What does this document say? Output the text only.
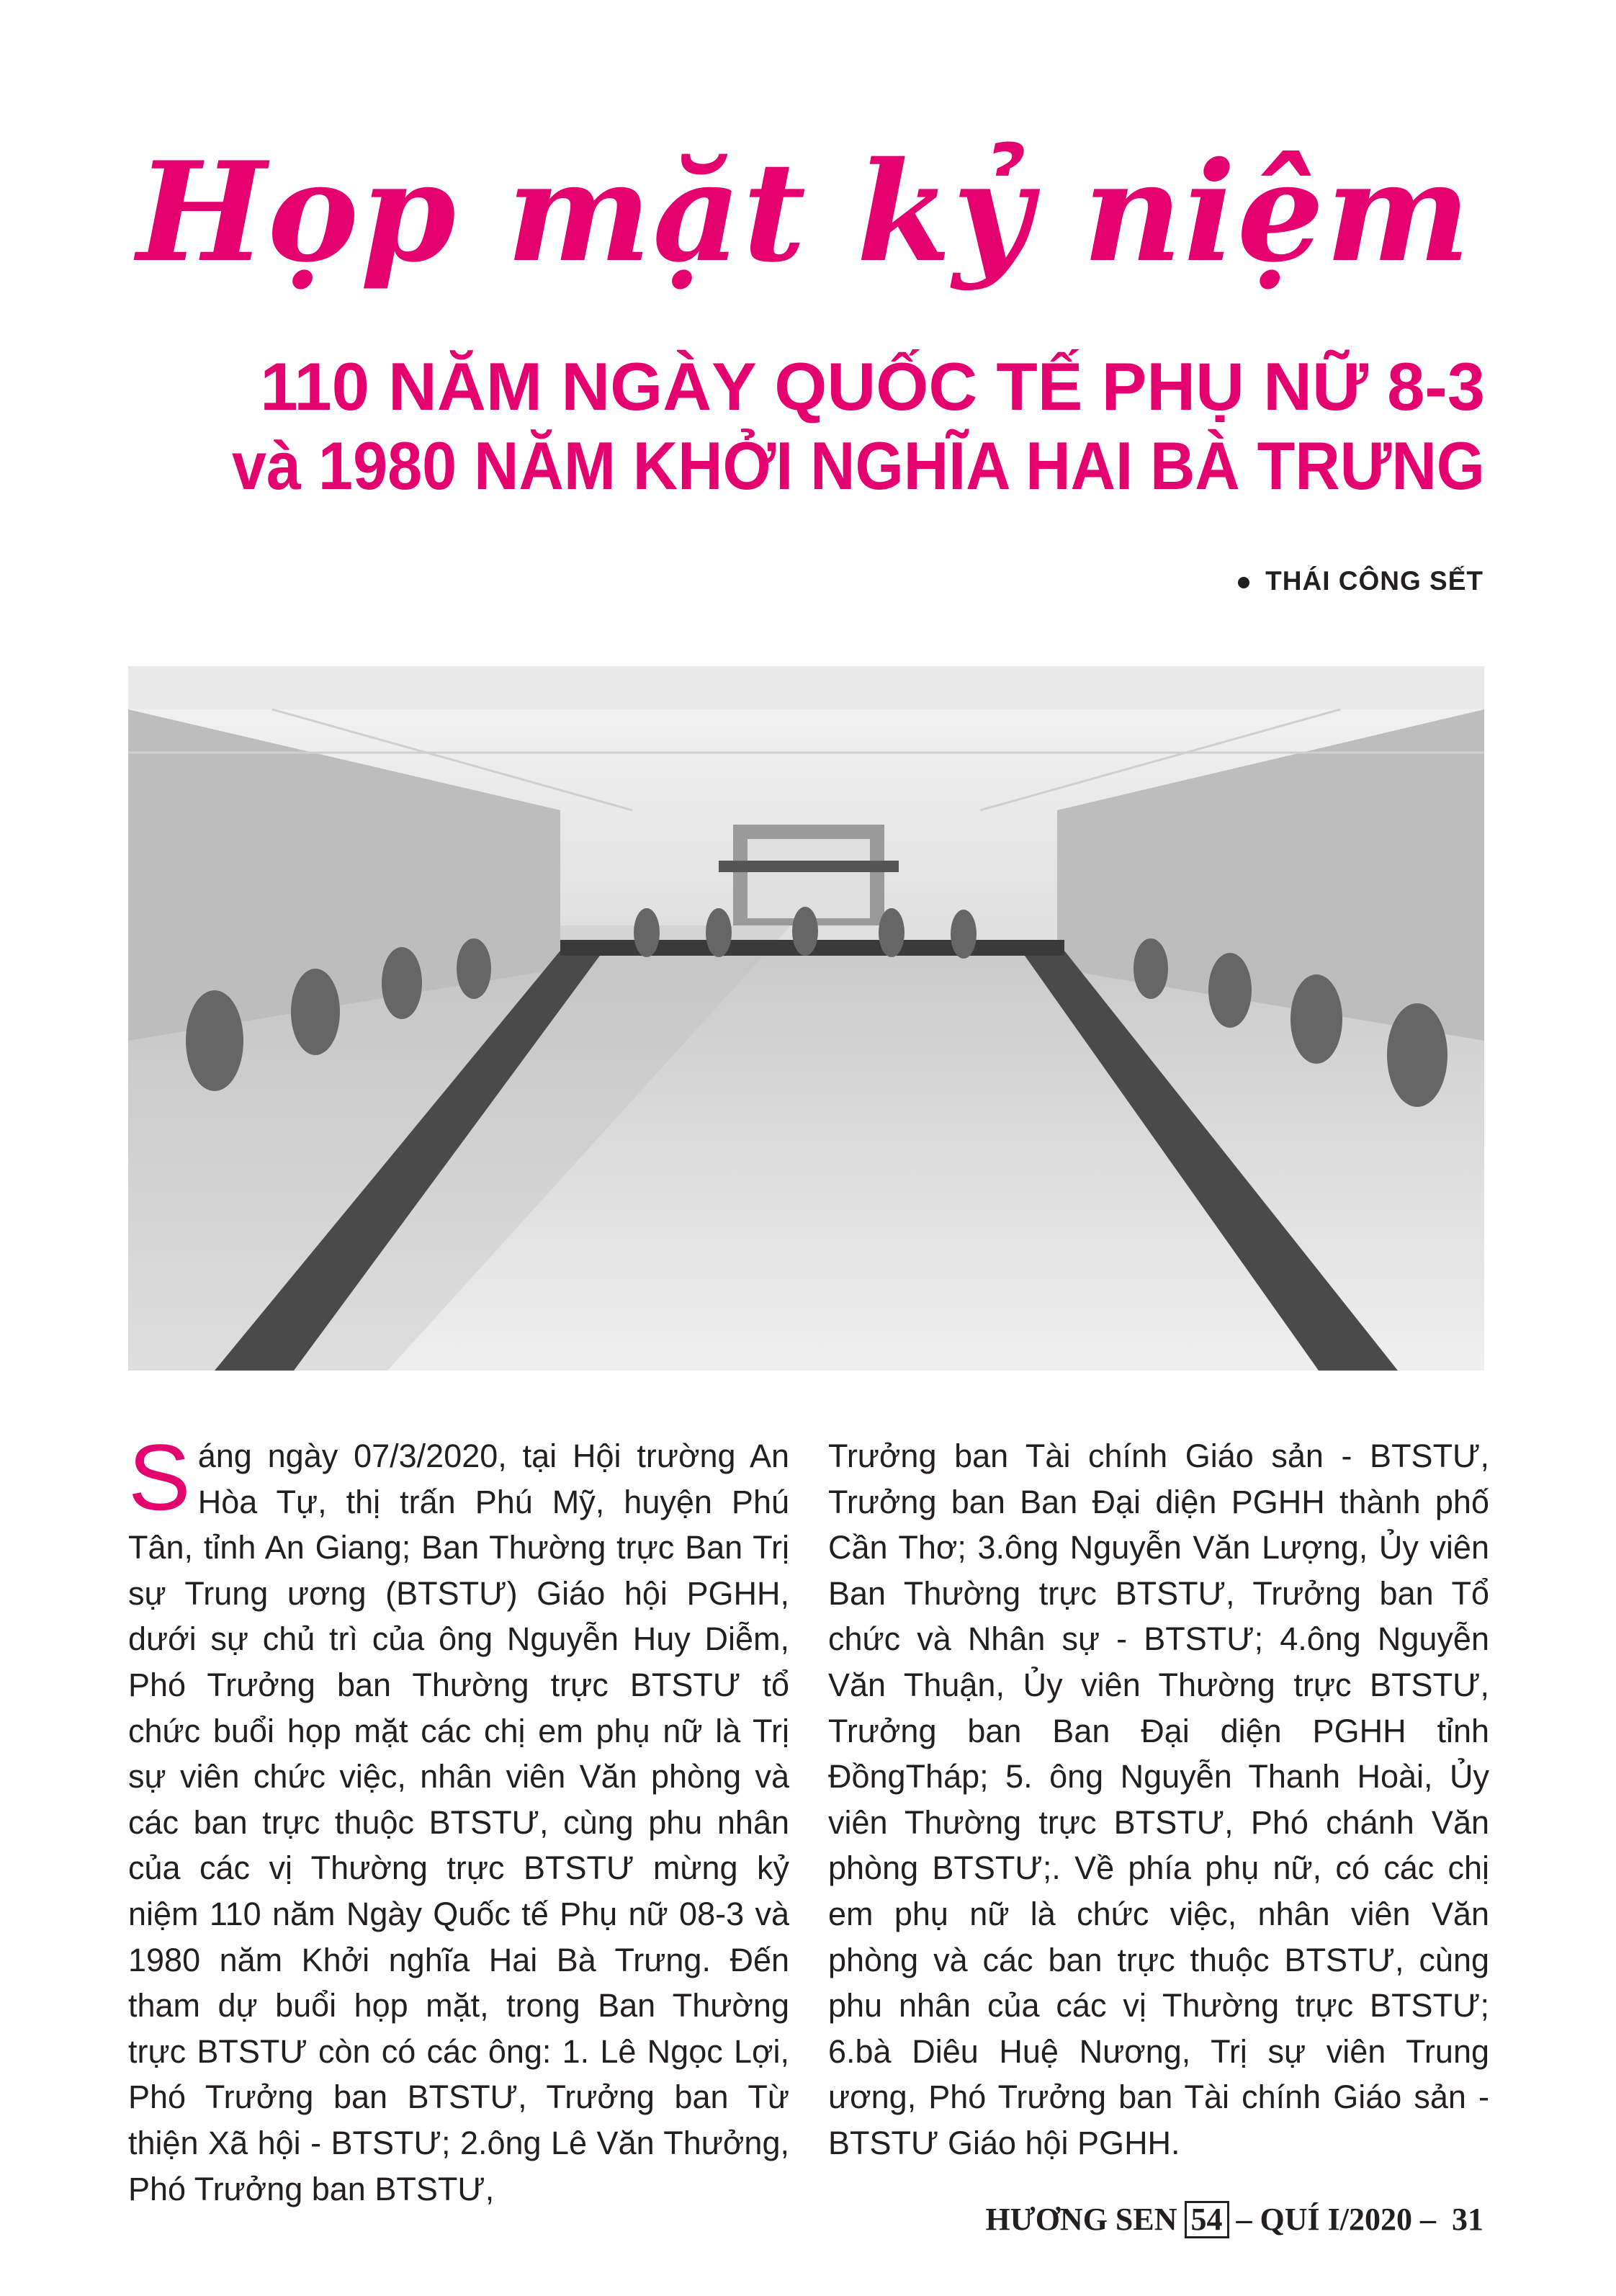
Họp mặt kỷ niệm
110 NĂM NGÀY QUỐC TẾ PHỤ NỮ 8-3
và 1980 NĂM KHỞI NGHĨA HAI BÀ TRƯNG
THÁI CÔNG SẾT
Sáng ngày 07/3/2020, tại Hội trường An Hòa Tự, thị trấn Phú Mỹ, huyện Phú Tân, tỉnh An Giang; Ban Thường trực Ban Trị sự Trung ương (BTSTƯ) Giáo hội PGHH, dưới sự chủ trì của ông Nguyễn Huy Diễm, Phó Trưởng ban Thường trực BTSTƯ tổ chức buổi họp mặt các chị em phụ nữ là Trị sự viên chức việc, nhân viên Văn phòng và các ban trực thuộc BTSTƯ, cùng phu nhân của các vị Thường trực BTSTƯ mừng kỷ niệm 110 năm Ngày Quốc tế Phụ nữ 08-3 và 1980 năm Khởi nghĩa Hai Bà Trưng. Đến tham dự buổi họp mặt, trong Ban Thường trực BTSTƯ còn có các ông: 1. Lê Ngọc Lợi, Phó Trưởng ban BTSTƯ, Trưởng ban Từ thiện Xã hội - BTSTƯ; 2.ông Lê Văn Thưởng, Phó Trưởng ban BTSTƯ,
Trưởng ban Tài chính Giáo sản - BTSTƯ, Trưởng ban Ban Đại diện PGHH thành phố Cần Thơ; 3.ông Nguyễn Văn Lượng, Ủy viên Ban Thường trực BTSTƯ, Trưởng ban Tổ chức và Nhân sự - BTSTƯ; 4.ông Nguyễn Văn Thuận, Ủy viên Thường trực BTSTƯ, Trưởng ban Ban Đại diện PGHH tỉnh ĐồngTháp; 5. ông Nguyễn Thanh Hoài, Ủy viên Thường trực BTSTƯ, Phó chánh Văn phòng BTSTƯ;. Về phía phụ nữ, có các chị em phụ nữ là chức việc, nhân viên Văn phòng và các ban trực thuộc BTSTƯ, cùng phu nhân của các vị Thường trực BTSTƯ; 6.bà Diêu Huệ Nương, Trị sự viên Trung ương, Phó Trưởng ban Tài chính Giáo sản - BTSTƯ Giáo hội PGHH.
HƯƠNG SEN 54 – QUÍ I/2020 – 31
